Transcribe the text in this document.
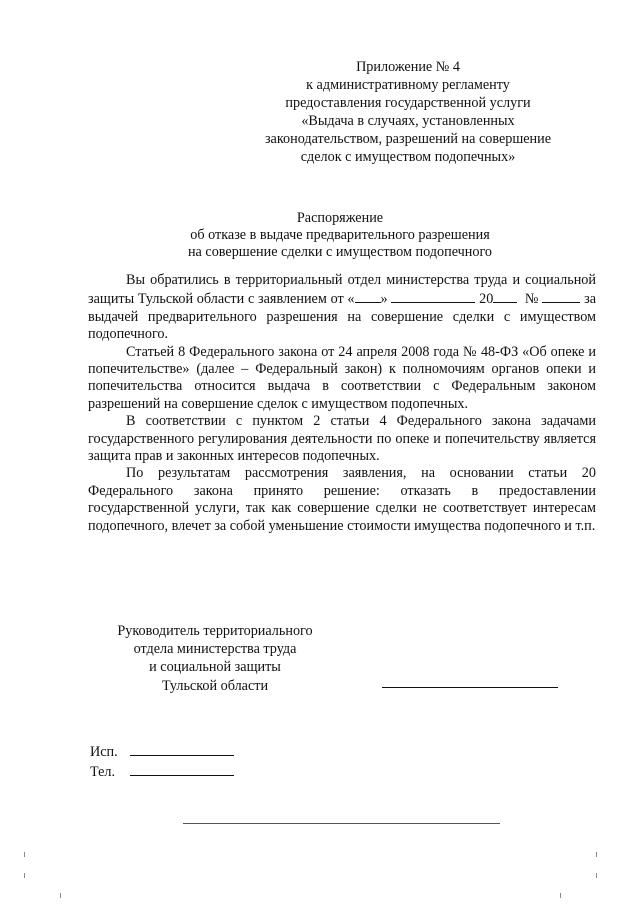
Приложение № 4
к административному регламенту
предоставления государственной услуги
«Выдача в случаях, установленных
законодательством, разрешений на совершение
сделок с имуществом подопечных»
Распоряжение
об отказе в выдаче предварительного разрешения
на совершение сделки с имуществом подопечного

Вы обратились в территориальный отдел министерства труда и социальной защиты Тульской области с заявлением от « »	20 №	за выдачей предварительного разрешения на совершение сделки с имуществом подопечного.

Статьей 8 Федерального закона от 24 апреля 2008 года № 48-ФЗ «Об опеке и попечительстве» (далее – Федеральный закон) к полномочиям органов опеки и попечительства относится выдача в соответствии с Федеральным законом разрешений на совершение сделок с имуществом подопечных.

В соответствии с пунктом 2 статьи 4 Федерального закона задачами государственного регулирования деятельности по опеке и попечительству является защита прав и законных интересов подопечных.

По результатам рассмотрения заявления, на основании статьи 20 Федерального закона принято решение: отказать в предоставлении государственной услуги, так как совершение сделки не соответствует интересам подопечного, влечет за собой уменьшение стоимости имущества подопечного и т.п.

Руководитель территориального
отдела министерства труда
и социальной защиты
Тульской области
Исп.
Тел.
